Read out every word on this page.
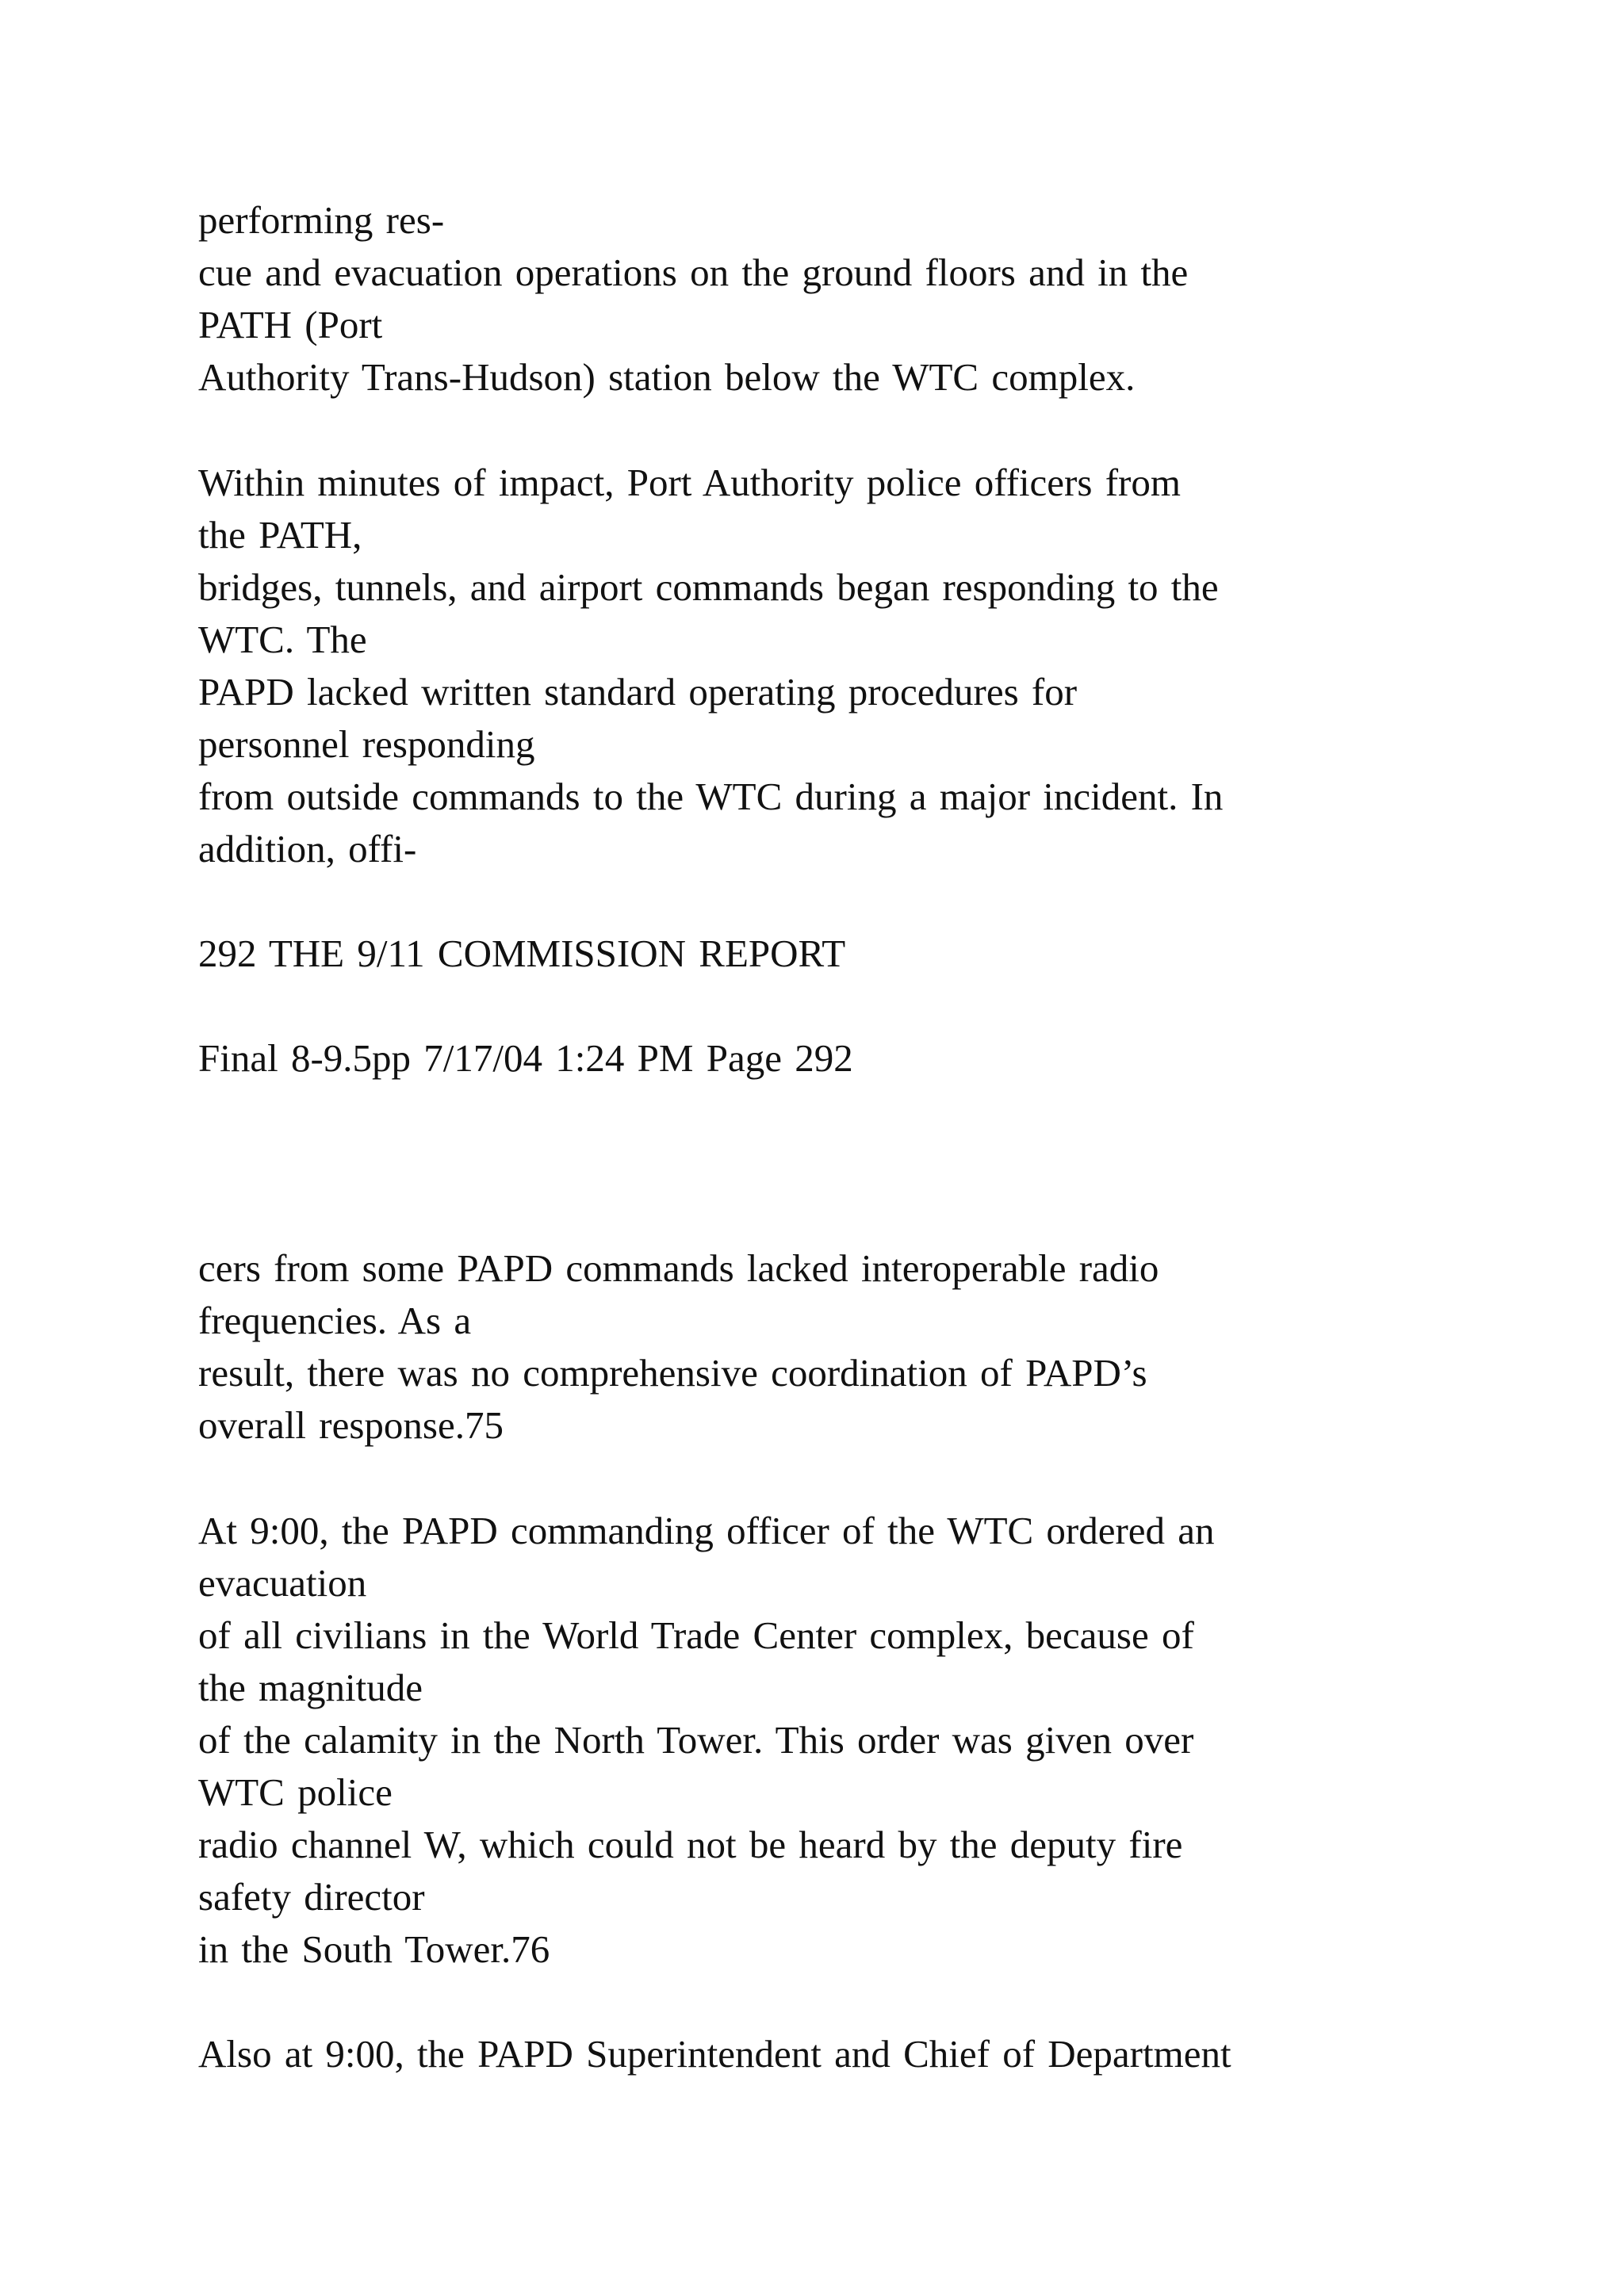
performing res-

cue and evacuation operations on the ground floors and in the

PATH (Port

Authority Trans-Hudson) station below the WTC complex.

Within minutes of impact, Port Authority police officers from

the PATH,

bridges, tunnels, and airport commands began responding to the

WTC. The

PAPD lacked written standard operating procedures for

personnel responding

from outside commands to the WTC during a major incident. In

addition, offi-

292 THE 9/11 COMMISSION REPORT

Final 8-9.5pp 7/17/04 1:24 PM Page 292

cers from some PAPD commands lacked interoperable radio

frequencies. As a

result, there was no comprehensive coordination of PAPD’s

overall response.75

At 9:00, the PAPD commanding officer of the WTC ordered an

evacuation

of all civilians in the World Trade Center complex, because of

the magnitude

of the calamity in the North Tower. This order was given over

WTC police

radio channel W, which could not be heard by the deputy fire

safety director

in the South Tower.76

Also at 9:00, the PAPD Superintendent and Chief of Department
